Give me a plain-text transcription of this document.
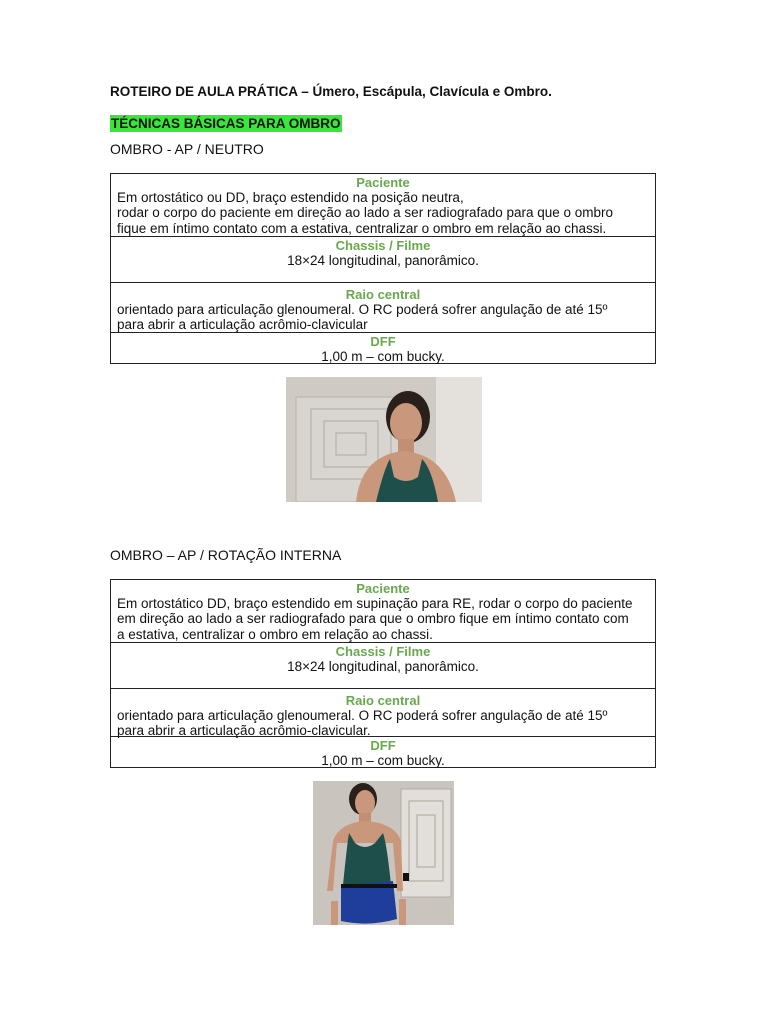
ROTEIRO DE AULA PRÁTICA – Úmero, Escápula, Clavícula e Ombro.
TÉCNICAS BÁSICAS PARA OMBRO
OMBRO - AP / NEUTRO
Paciente
Em ortostático ou DD, braço estendido na posição neutra,
rodar o corpo do paciente em direção ao lado a ser radiografado para que o ombro
fique em íntimo contato com a estativa, centralizar o ombro em relação ao chassi.
Chassis / Filme
18×24 longitudinal, panorâmico.
Raio central
orientado para articulação glenoumeral. O RC poderá sofrer angulação de até 15º
para abrir a articulação acrômio-clavicular
DFF
1,00 m – com bucky.
OMBRO – AP / ROTAÇÃO INTERNA
Paciente
Em ortostático DD, braço estendido em supinação para RE, rodar o corpo do paciente
em direção ao lado a ser radiografado para que o ombro fique em íntimo contato com
a estativa, centralizar o ombro em relação ao chassi.
Chassis / Filme
18×24 longitudinal, panorâmico.
Raio central
orientado para articulação glenoumeral. O RC poderá sofrer angulação de até 15º
para abrir a articulação acrômio-clavicular.
DFF
1,00 m – com bucky.
